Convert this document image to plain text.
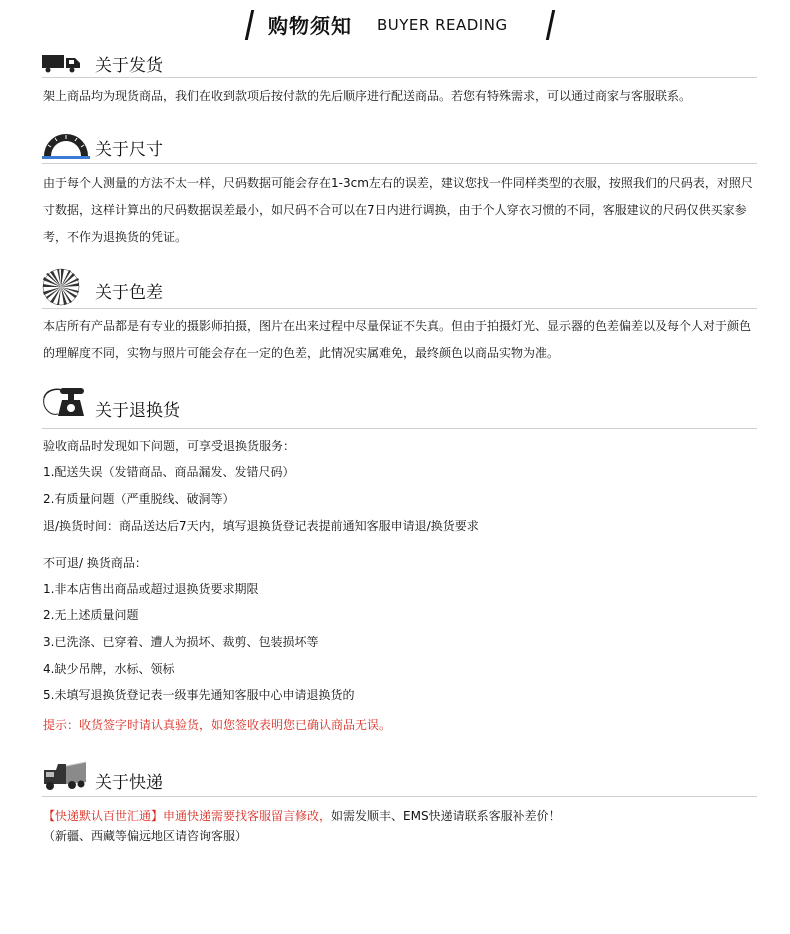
购物须知 BUYER READING
关于发货
架上商品均为现货商品，我们在收到款项后按付款的先后顺序进行配送商品。若您有特殊需求，可以通过商家与客服联系。
关于尺寸
由于每个人测量的方法不太一样，尺码数据可能会存在1-3cm左右的误差，建议您找一件同样类型的衣服，按照我们的尺码表，对照尺寸数据，这样计算出的尺码数据误差最小，如尺码不合可以在7日内进行调换，由于个人穿衣习惯的不同，客服建议的尺码仅供买家参考，不作为退换货的凭证。
关于色差
本店所有产品都是有专业的摄影师拍摄，图片在出来过程中尽量保证不失真。但由于拍摄灯光、显示器的色差偏差以及每个人对于颜色的理解度不同，实物与照片可能会存在一定的色差，此情况实属难免，最终颜色以商品实物为准。
关于退换货
验收商品时发现如下问题，可享受退换货服务：
1.配送失误（发错商品、商品漏发、发错尺码）
2.有质量问题（严重脱线、破洞等）
退/换货时间：商品送达后7天内，填写退换货登记表提前通知客服申请退/换货要求
不可退/ 换货商品：
1.非本店售出商品或超过退换货要求期限
2.无上述质量问题
3.已洗涤、已穿着、遭人为损坏、裁剪、包装损坏等
4.缺少吊牌，水标、领标
5.未填写退换货登记表一级事先通知客服中心申请退换货的
提示：收货签字时请认真验货，如您签收表明您已确认商品无误。
关于快递
【快递默认百世汇通】申通快递需要找客服留言修改，如需发顺丰、EMS快递请联系客服补差价！
（新疆、西藏等偏远地区请咨询客服）
